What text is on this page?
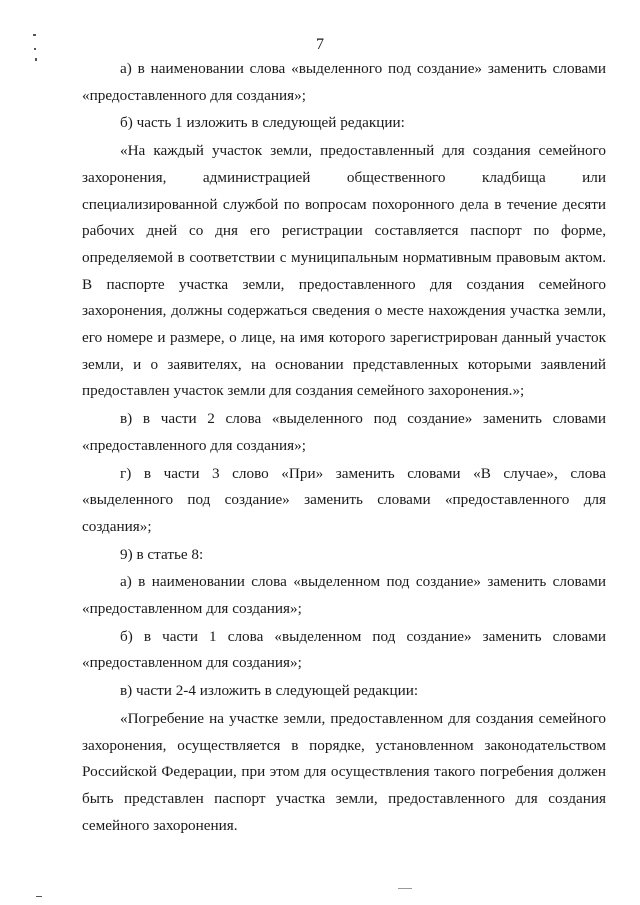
7

а) в наименовании слова «выделенного под создание» заменить словами «предоставленного для создания»;

б) часть 1 изложить в следующей редакции:

«На каждый участок земли, предоставленный для создания семейного захоронения, администрацией общественного кладбища или специализированной службой по вопросам похоронного дела в течение десяти рабочих дней со дня его регистрации составляется паспорт по форме, определяемой в соответствии с муниципальным нормативным правовым актом. В паспорте участка земли, предоставленного для создания семейного захоронения, должны содержаться сведения о месте нахождения участка земли, его номере и размере, о лице, на имя которого зарегистрирован данный участок земли, и о заявителях, на основании представленных которыми заявлений предоставлен участок земли для создания семейного захоронения.»;

в) в части 2 слова «выделенного под создание» заменить словами «предоставленного для создания»;

г) в части 3 слово «При» заменить словами «В случае», слова «выделенного под создание» заменить словами «предоставленного для создания»;

9) в статье 8:

а) в наименовании слова «выделенном под создание» заменить словами «предоставленном для создания»;

б) в части 1 слова «выделенном под создание» заменить словами «предоставленном для создания»;

в) части 2-4 изложить в следующей редакции:

«Погребение на участке земли, предоставленном для создания семейного захоронения, осуществляется в порядке, установленном законодательством Российской Федерации, при этом для осуществления такого погребения должен быть представлен паспорт участка земли, предоставленного для создания семейного захоронения.
